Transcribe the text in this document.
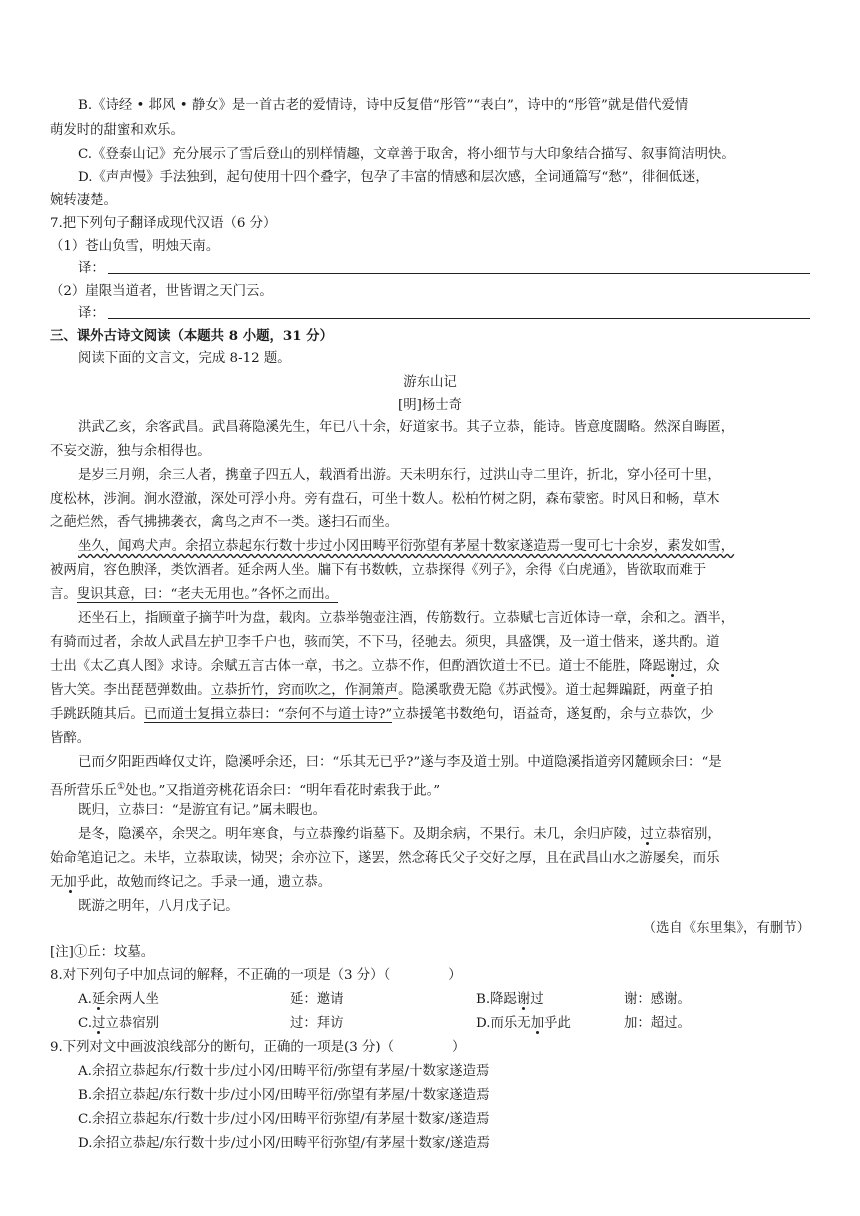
B.《诗经 • 邶风 • 静女》是一首古老的爱情诗，诗中反复借“彤管”“表白”，诗中的“彤管”就是借代爱情
萌发时的甜蜜和欢乐。
C.《登泰山记》充分展示了雪后登山的别样情趣，文章善于取舍，将小细节与大印象结合描写、叙事简洁明快。
D.《声声慢》手法独到，起句使用十四个叠字，包孕了丰富的情感和层次感，全词通篇写“愁”，徘徊低迷，
婉转凄楚。
7.把下列句子翻译成现代汉语（6 分）
（1）苍山负雪，明烛天南。
译：
（2）崖限当道者，世皆谓之天门云。
译：
三、课外古诗文阅读（本题共 8 小题，31 分）
阅读下面的文言文，完成 8-12 题。
游东山记
[明]杨士奇
洪武乙亥，余客武昌。武昌蒋隐溪先生，年已八十余，好道家书。其子立恭，能诗。皆意度闊略。然深自晦匿，
不妄交游，独与余相得也。
是岁三月朔，余三人者，携童子四五人，载酒肴出游。天未明东行，过洪山寺二里许，折北，穿小径可十里，
度松林，涉涧。涧水澄澈，深处可浮小舟。旁有盘石，可坐十数人。松柏竹树之阴，森布蒙密。时风日和畅，草木
之葩烂然，香气拂拂袭衣，禽鸟之声不一类。遂扫石而坐。
坐久，闻鸡犬声。余招立恭起东行数十步过小冈田畴平衍弥望有茅屋十数家遂造焉一叟可七十余岁，素发如雪，
被两肩，容色腴泽，类饮酒者。延余两人坐。牖下有书数帙，立恭探得《列子》，余得《白虎通》，皆欲取而难于
言。叟识其意，曰：“老夫无用也。”各怀之而出。
还坐石上，指顾童子摘芋叶为盘，载肉。立恭举匏壶注酒，传筋数行。立恭赋七言近体诗一章，余和之。酒半，
有骑而过者，余故人武昌左护卫李千户也，骇而笑，不下马，径驰去。须臾，具盛馔，及一道士偕来，遂共酌。道
士出《太乙真人图》求诗。余赋五言古体一章，书之。立恭不作，但酌酒饮道士不已。道士不能胜，降跽谢过，众
皆大笑。李出琵琶弹数曲。立恭折竹，窍而吹之，作洞箫声。隐溪歌费无隐《苏武慢》。道士起舞蹁跹，两童子拍
手跳跃随其后。已而道士复揖立恭曰：“奈何不与道士诗?”立恭援笔书数绝句，语益奇，遂复酌，余与立恭饮，少
皆醉。
已而夕阳距西峰仅丈许，隐溪呼余还，曰：“乐其无已乎?”遂与李及道士别。中道隐溪指道旁冈麓顾余曰：“是
吾所营乐丘①处也。”又指道旁桃花语余曰：“明年看花时索我于此。”
既归，立恭曰：“是游宜有记。”属未暇也。
是冬，隐溪卒，余哭之。明年寒食，与立恭豫约诣墓下。及期余病，不果行。未几，余归庐陵，过立恭宿别，
始命笔追记之。未毕，立恭取读，恸哭；余亦泣下，遂罢，然念蒋氏父子交好之厚，且在武昌山水之游屡矣，而乐
无加乎此，故勉而终记之。手录一通，遗立恭。
既游之明年，八月戊子记。
（选自《东里集》，有删节）
[注]①丘：坟墓。
8.对下列句子中加点词的解释，不正确的一项是（3 分）（	）
A.延余两人坐	延：邀请	B.降跽谢过	谢：感谢。
C.过立恭宿别	过：拜访	D.而乐无加乎此	加：超过。
9.下列对文中画波浪线部分的断句，正确的一项是(3 分)（	）
A.余招立恭起东/行数十步/过小冈/田畴平衍/弥望有茅屋/十数家遂造焉
B.余招立恭起/东行数十步/过小冈/田畴平衍/弥望有茅屋/十数家遂造焉
C.余招立恭起东/行数十步/过小冈/田畴平衍弥望/有茅屋十数家/遂造焉
D.余招立恭起/东行数十步/过小冈/田畴平衍弥望/有茅屋十数家/遂造焉
